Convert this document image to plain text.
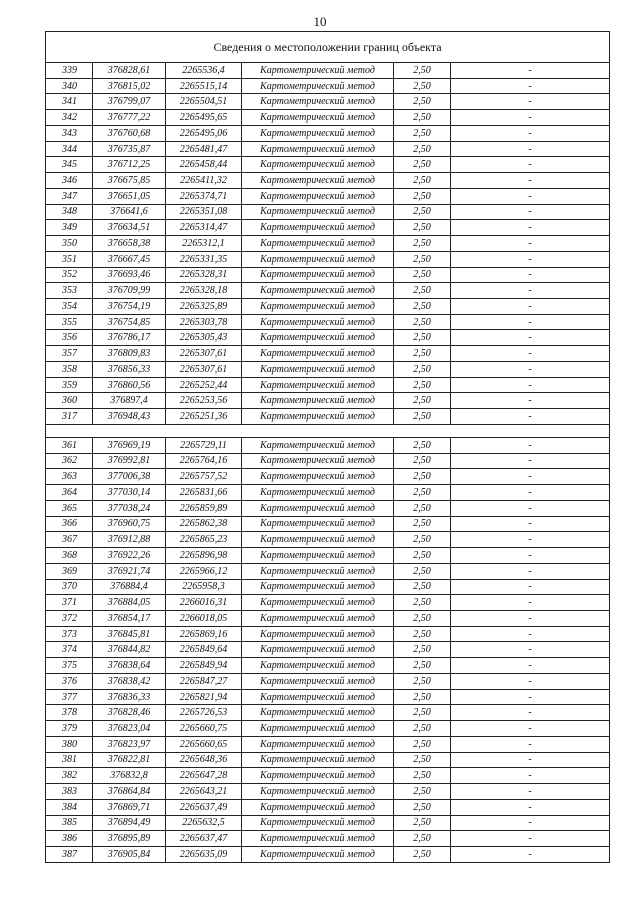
10
Сведения о местоположении границ объекта					
339	376828,61	2265536,4	Картометрический метод	2,50	-
340	376815,02	2265515,14	Картометрический метод	2,50	-
341	376799,07	2265504,51	Картометрический метод	2,50	-
342	376777,22	2265495,65	Картометрический метод	2,50	-
343	376760,68	2265495,06	Картометрический метод	2,50	-
344	376735,87	2265481,47	Картометрический метод	2,50	-
345	376712,25	2265458,44	Картометрический метод	2,50	-
346	376675,85	2265411,32	Картометрический метод	2,50	-
347	376651,05	2265374,71	Картометрический метод	2,50	-
348	376641,6	2265351,08	Картометрический метод	2,50	-
349	376634,51	2265314,47	Картометрический метод	2,50	-
350	376658,38	2265312,1	Картометрический метод	2,50	-
351	376667,45	2265331,35	Картометрический метод	2,50	-
352	376693,46	2265328,31	Картометрический метод	2,50	-
353	376709,99	2265328,18	Картометрический метод	2,50	-
354	376754,19	2265325,89	Картометрический метод	2,50	-
355	376754,85	2265303,78	Картометрический метод	2,50	-
356	376786,17	2265305,43	Картометрический метод	2,50	-
357	376809,83	2265307,61	Картометрический метод	2,50	-
358	376856,33	2265307,61	Картометрический метод	2,50	-
359	376860,56	2265252,44	Картометрический метод	2,50	-
360	376897,4	2265253,56	Картометрический метод	2,50	-
317	376948,43	2265251,36	Картометрический метод	2,50	-

361	376969,19	2265729,11	Картометрический метод	2,50	-
362	376992,81	2265764,16	Картометрический метод	2,50	-
363	377006,38	2265757,52	Картометрический метод	2,50	-
364	377030,14	2265831,66	Картометрический метод	2,50	-
365	377038,24	2265859,89	Картометрический метод	2,50	-
366	376960,75	2265862,38	Картометрический метод	2,50	-
367	376912,88	2265865,23	Картометрический метод	2,50	-
368	376922,26	2265896,98	Картометрический метод	2,50	-
369	376921,74	2265966,12	Картометрический метод	2,50	-
370	376884,4	2265958,3	Картометрический метод	2,50	-
371	376884,05	2266016,31	Картометрический метод	2,50	-
372	376854,17	2266018,05	Картометрический метод	2,50	-
373	376845,81	2265869,16	Картометрический метод	2,50	-
374	376844,82	2265849,64	Картометрический метод	2,50	-
375	376838,64	2265849,94	Картометрический метод	2,50	-
376	376838,42	2265847,27	Картометрический метод	2,50	-
377	376836,33	2265821,94	Картометрический метод	2,50	-
378	376828,46	2265726,53	Картометрический метод	2,50	-
379	376823,04	2265660,75	Картометрический метод	2,50	-
380	376823,97	2265660,65	Картометрический метод	2,50	-
381	376822,81	2265648,36	Картометрический метод	2,50	-
382	376832,8	2265647,28	Картометрический метод	2,50	-
383	376864,84	2265643,21	Картометрический метод	2,50	-
384	376869,71	2265637,49	Картометрический метод	2,50	-
385	376894,49	2265632,5	Картометрический метод	2,50	-
386	376895,89	2265637,47	Картометрический метод	2,50	-
387	376905,84	2265635,09	Картометрический метод	2,50	-
